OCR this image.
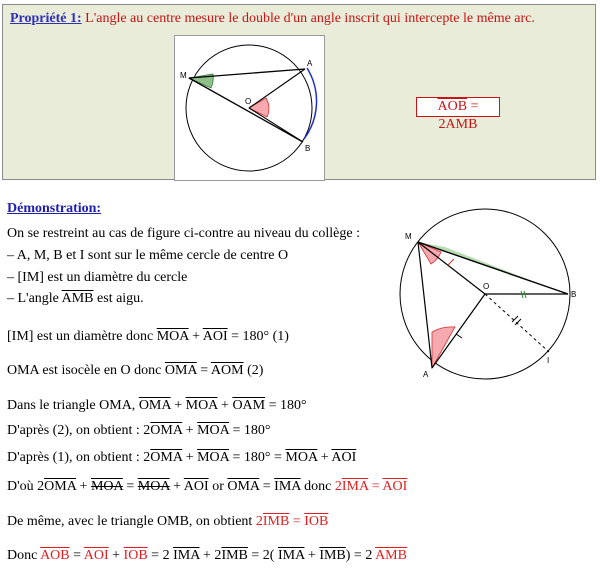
Propriété 1: L'angle au centre mesure le double d'un angle inscrit qui intercepte le même arc.
M
A
O
B
$\overline{AOB} = 2\overline{AMB}$
Démonstration:
On se restreint au cas de figure ci-contre au niveau du collège :
– A, M, B et I sont sur le même cercle de centre O
– [IM] est un diamètre du cercle
– L'angle $\overline{AMB}$ est aigu.
[IM] est un diamètre donc $\overline{MOA} + \overline{AOI} = 180^\circ$ (1)
OMA est isocèle en O donc $\overline{OMA} = \overline{AOM}$ (2)
Dans le triangle OMA, $\overline{OMA} + \overline{MOA} + \overline{OAM} = 180^\circ$
D'après (2), on obtient : $2\overline{OMA} + \overline{MOA} = 180^\circ$
D'après (1), on obtient : $2\overline{OMA} + \overline{MOA} = 180^\circ = \overline{MOA} + \overline{AOI}$
D'où $2\overline{OMA}$ + MOA = MOA + $\overline{AOI}$ or $\overline{OMA} = \overline{IMA}$ donc $2\overline{IMA} = \overline{AOI}$
De même, avec le triangle OMB, on obtient $2\overline{IMB} = \overline{IOB}$
Donc $\overline{AOB} = \overline{AOI} + \overline{IOB} = 2$ $\overline{IMA} + 2\overline{IMB} = 2$( $\overline{IMA} + \overline{IMB}) = 2$ $\overline{AMB}$
M
O
B
A
I
